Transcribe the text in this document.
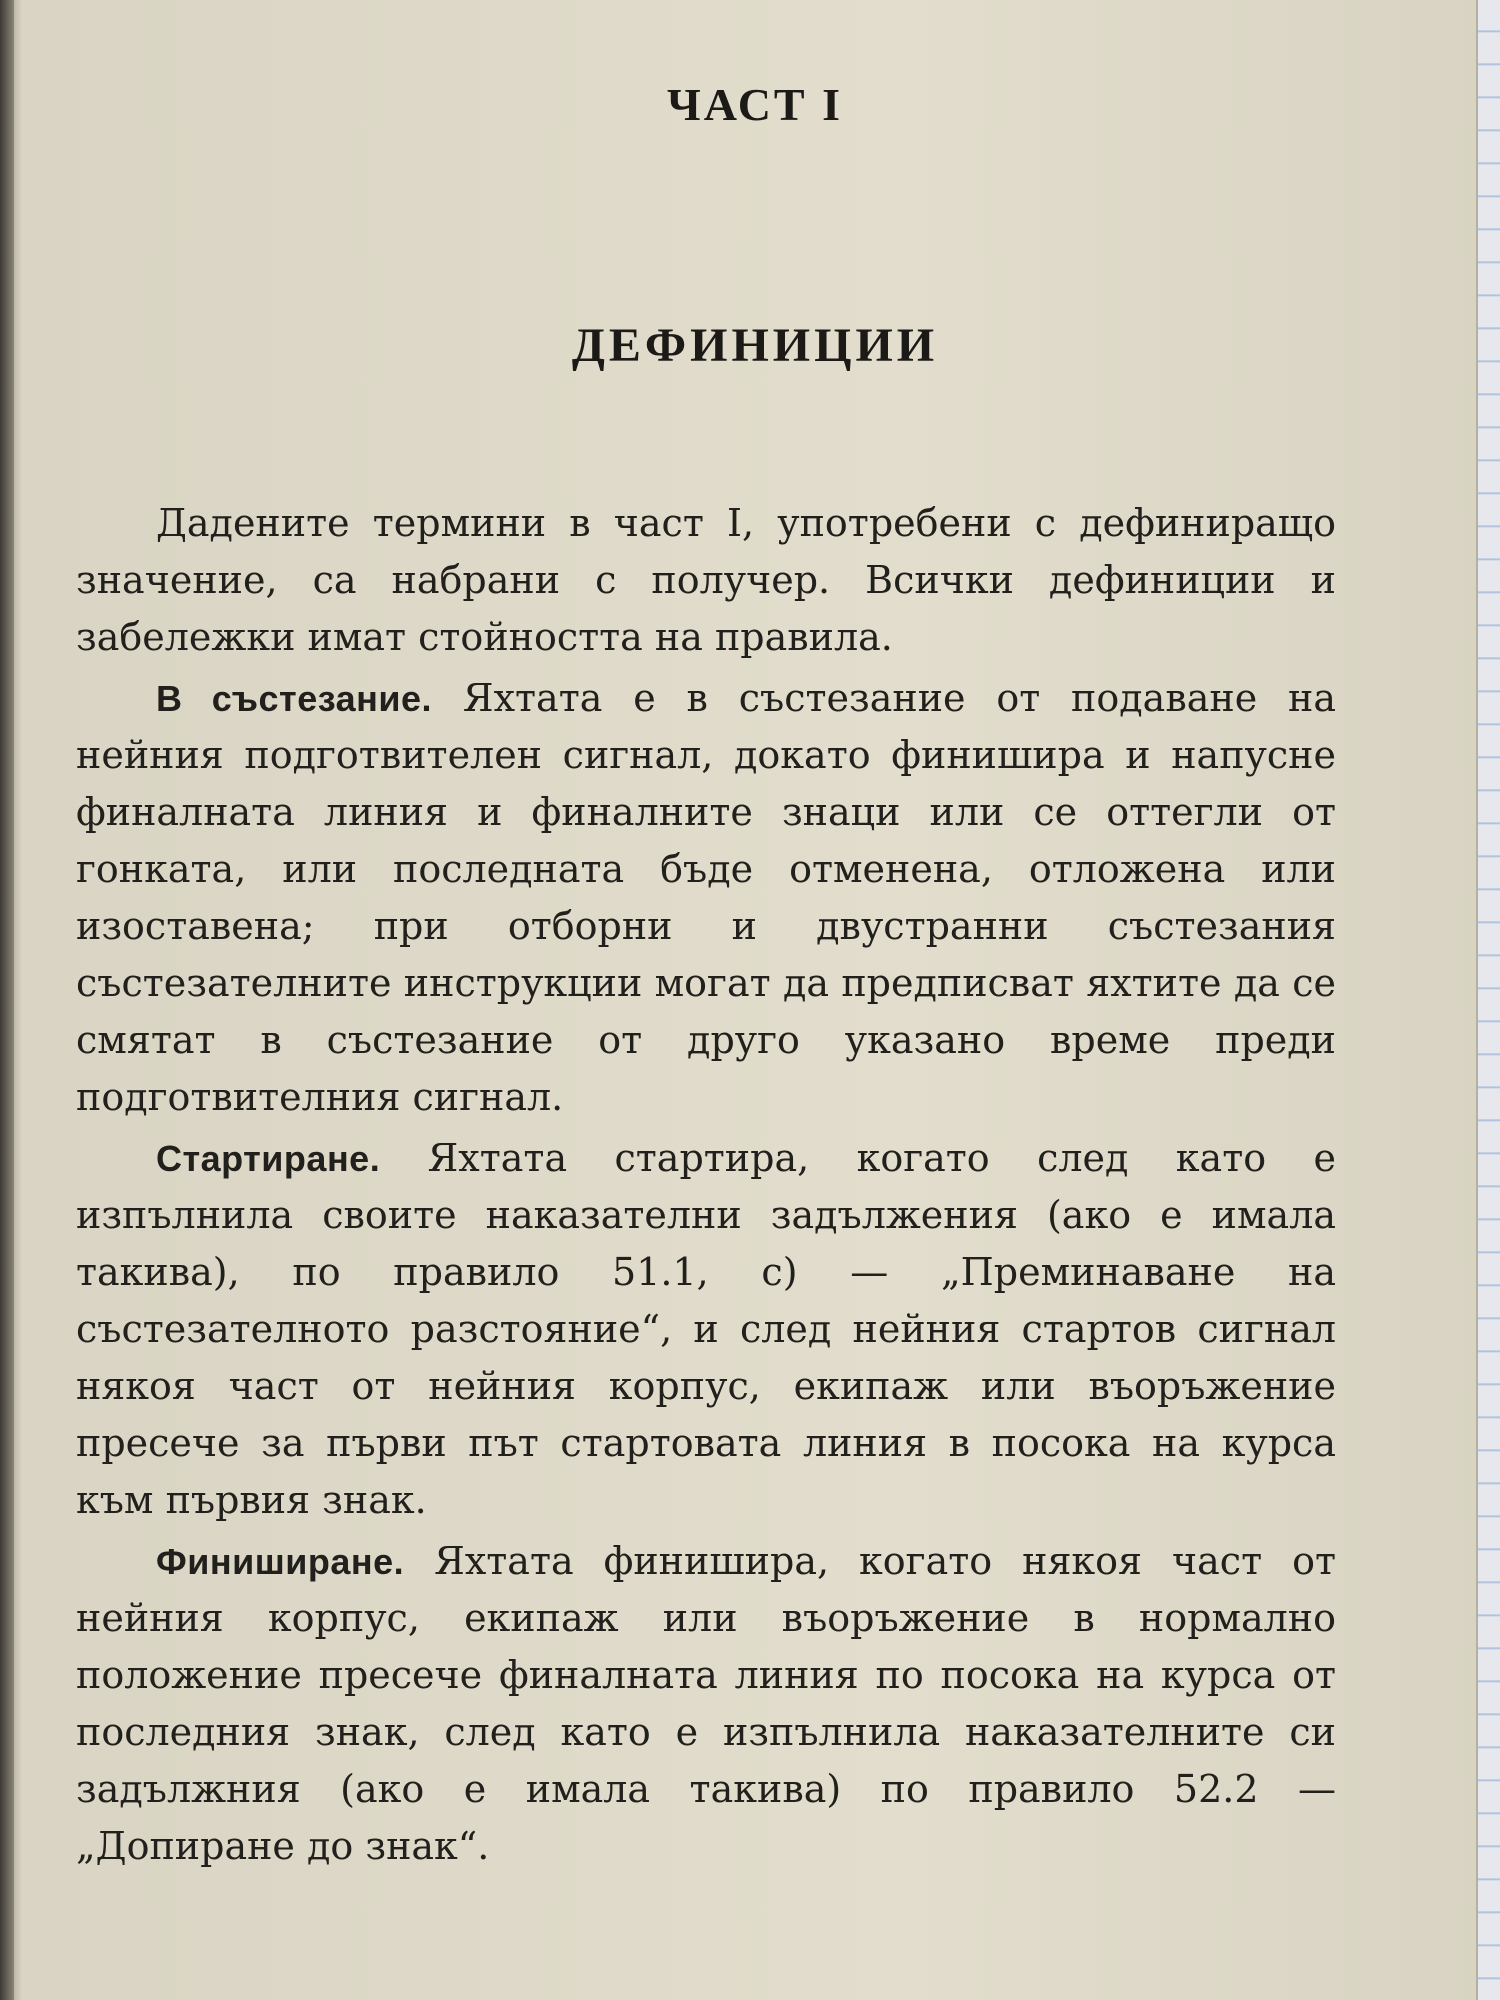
ЧАСТ I
ДЕФИНИЦИИ

Дадените термини в част I, употребени с дефиниращо значение, са набрани с получер. Всички дефиниции и забележки имат стойността на правила.

В състезание. Яхтата е в състезание от подаване на нейния подготвителен сигнал, докато финишира и напусне финалната линия и финалните знаци или се оттегли от гонката, или последната бъде отменена, отложена или изоставена; при отборни и двустранни състезания състезателните инструкции могат да предписват яхтите да се смятат в състезание от друго указано време преди подготвителния сигнал.

Стартиране. Яхтата стартира, когато след като е изпълнила своите наказателни задължения (ако е имала такива), по правило 51.1, с) — „Преминаване на състезателното разстояние“, и след нейния стартов сигнал някоя част от нейния корпус, екипаж или въоръжение пресече за първи път стартовата линия в посока на курса към първия знак.

Финиширане. Яхтата финишира, когато някоя част от нейния корпус, екипаж или въоръжение в нормално положение пресече финалната линия по посока на курса от последния знак, след като е изпълнила наказателните си задължния (ако е имала такива) по правило 52.2 — „Допиране до знак“.
